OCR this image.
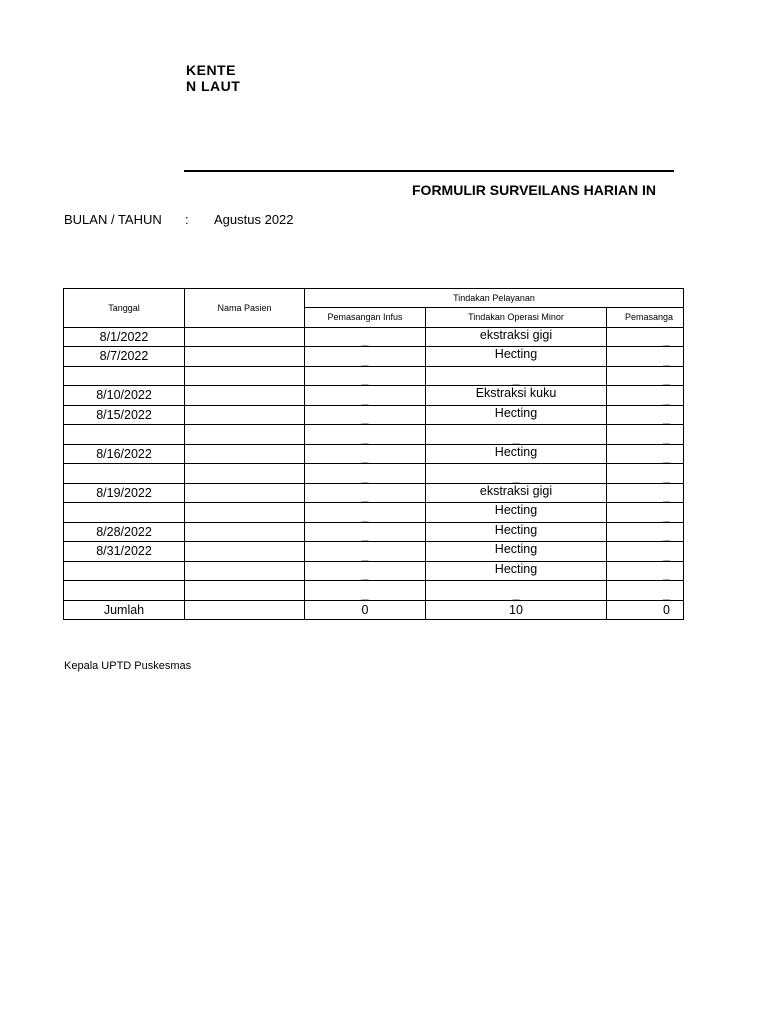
KENTE
N LAUT
FORMULIR SURVEILANS HARIAN IN
BULAN / TAHUN : Agustus 2022
Tanggal	Nama Pasien	Tindakan Pelayanan		
		Pemasangan Infus	Tindakan Operasi Minor	Pemasanga
8/1/2022		_	ekstraksi gigi	_
8/7/2022		_	Hecting	_
		_	_	_
8/10/2022		_	Ekstraksi kuku	_
8/15/2022		_	Hecting	_
		_	_	_
8/16/2022		_	Hecting	_
		_	_	_
8/19/2022		_	ekstraksi gigi	_
		_	Hecting	_
8/28/2022		_	Hecting	_
8/31/2022		_	Hecting	_
		_	Hecting	_
		_	_	_
Jumlah		0	10	0
Kepala UPTD Puskesmas
